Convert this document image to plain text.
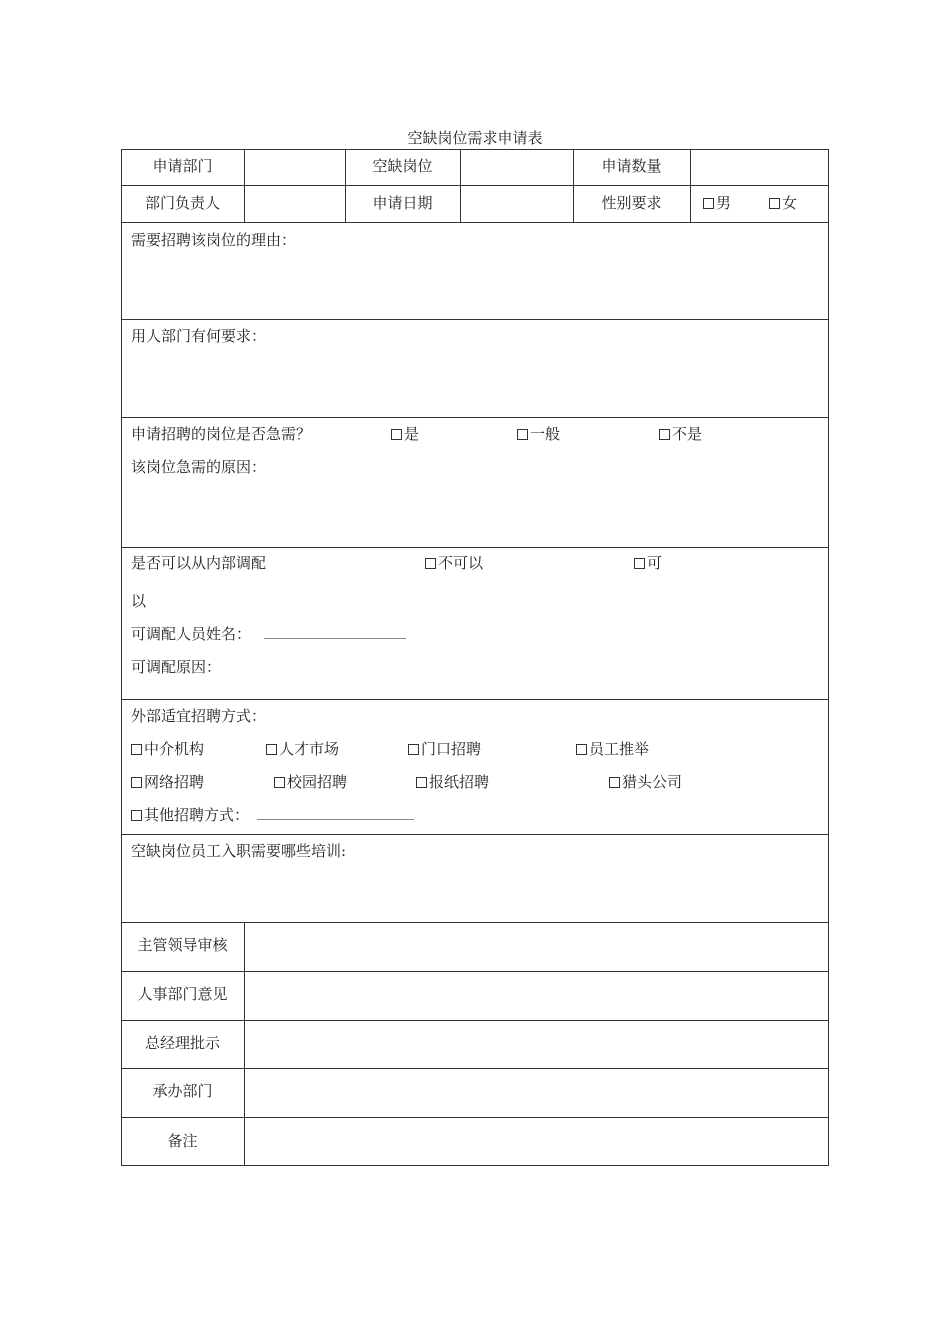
空缺岗位需求申请表
申请部门	空缺岗位	申请数量
部门负责人	申请日期	性别要求	男	女
需要招聘该岗位的理由：
用人部门有何要求：
申请招聘的岗位是否急需？	是	一般	不是
该岗位急需的原因：
是否可以从内部调配	不可以	可
以
可调配人员姓名：
可调配原因：
外部适宜招聘方式：
中介机构	人才市场	门口招聘	员工推举
网络招聘	校园招聘	报纸招聘	猎头公司
其他招聘方式：
空缺岗位员工入职需要哪些培训:
主管领导审核
人事部门意见
总经理批示
承办部门
备注
